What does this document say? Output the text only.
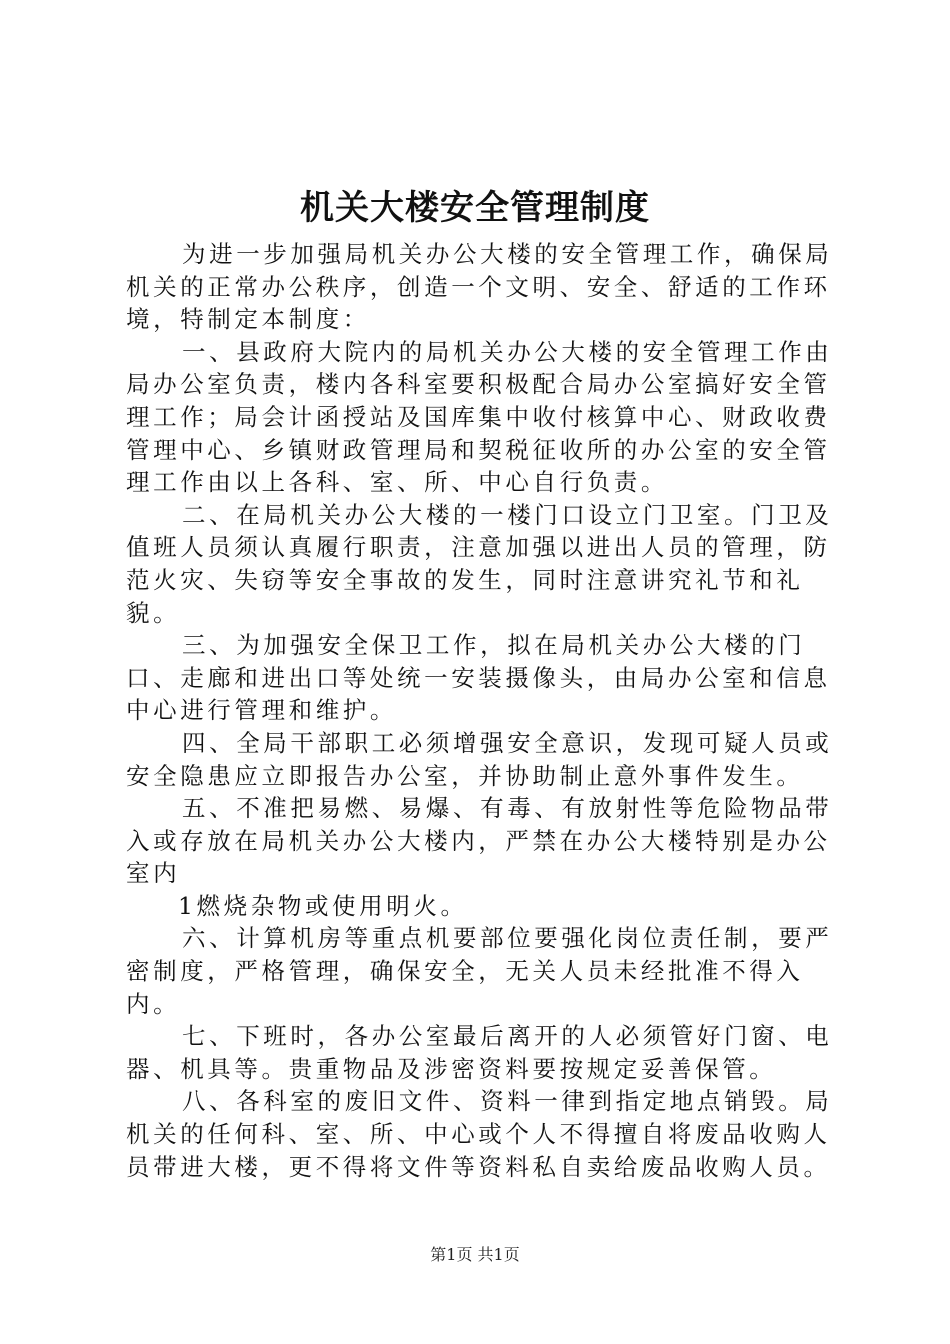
机关大楼安全管理制度

为进一步加强局机关办公大楼的安全管理工作，确保局机关的正常办公秩序，创造一个文明、安全、舒适的工作环境，特制定本制度：

一、县政府大院内的局机关办公大楼的安全管理工作由局办公室负责，楼内各科室要积极配合局办公室搞好安全管理工作；局会计函授站及国库集中收付核算中心、财政收费管理中心、乡镇财政管理局和契税征收所的办公室的安全管理工作由以上各科、室、所、中心自行负责。

二、在局机关办公大楼的一楼门口设立门卫室。门卫及值班人员须认真履行职责，注意加强以进出人员的管理，防范火灾、失窃等安全事故的发生，同时注意讲究礼节和礼貌。

三、为加强安全保卫工作，拟在局机关办公大楼的门口、走廊和进出口等处统一安装摄像头，由局办公室和信息中心进行管理和维护。

四、全局干部职工必须增强安全意识，发现可疑人员或安全隐患应立即报告办公室，并协助制止意外事件发生。

五、不准把易燃、易爆、有毒、有放射性等危险物品带入或存放在局机关办公大楼内，严禁在办公大楼特别是办公室内

1燃烧杂物或使用明火。

六、计算机房等重点机要部位要强化岗位责任制，要严密制度，严格管理，确保安全，无关人员未经批准不得入内。

七、下班时，各办公室最后离开的人必须管好门窗、电器、机具等。贵重物品及涉密资料要按规定妥善保管。

八、各科室的废旧文件、资料一律到指定地点销毁。局机关的任何科、室、所、中心或个人不得擅自将废品收购人员带进大楼，更不得将文件等资料私自卖给废品收购人员。

第1页 共1页
